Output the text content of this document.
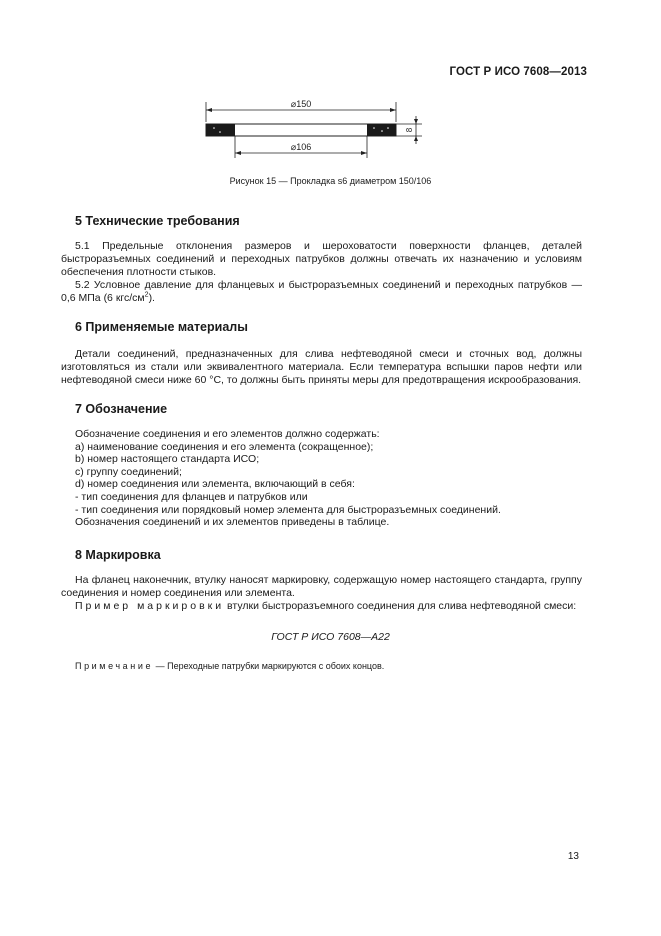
ГОСТ Р ИСО 7608—2013
⌀150
8
⌀106
Рисунок 15 — Прокладка s6 диаметром 150/106
5 Технические требования

5.1 Предельные отклонения размеров и шероховатости поверхности фланцев, деталей быстроразъемных соединений и переходных патрубков должны отвечать их назначению и условиям обеспечения плотности стыков.

5.2 Условное давление для фланцевых и быстроразъемных соединений и переходных патрубков — 0,6 МПа (6 кгс/$см^2$).

6 Применяемые материалы

Детали соединений, предназначенных для слива нефтеводяной смеси и сточных вод, должны изготовляться из стали или эквивалентного материала. Если температура вспышки паров нефти или нефтеводяной смеси ниже 60 °С, то должны быть приняты меры для предотвращения искрообразования.

7 Обозначение
Обозначение соединения и его элементов должно содержать:
a) наименование соединения и его элемента (сокращенное);
b) номер настоящего стандарта ИСО;
c) группу соединений;
d) номер соединения или элемента, включающий в себя:
- тип соединения для фланцев и патрубков или
- тип соединения или порядковый номер элемента для быстроразъемных соединений.
Обозначения соединений и их элементов приведены в таблице.
8 Маркировка

На фланец наконечник, втулку наносят маркировку, содержащую номер настоящего стандарта, группу соединения и номер соединения или элемента.

Пример маркировки втулки быстроразъемного соединения для слива нефтеводяной смеси:

ГОСТ Р ИСО 7608—А22
Примечание — Переходные патрубки маркируются с обоих концов.
13
